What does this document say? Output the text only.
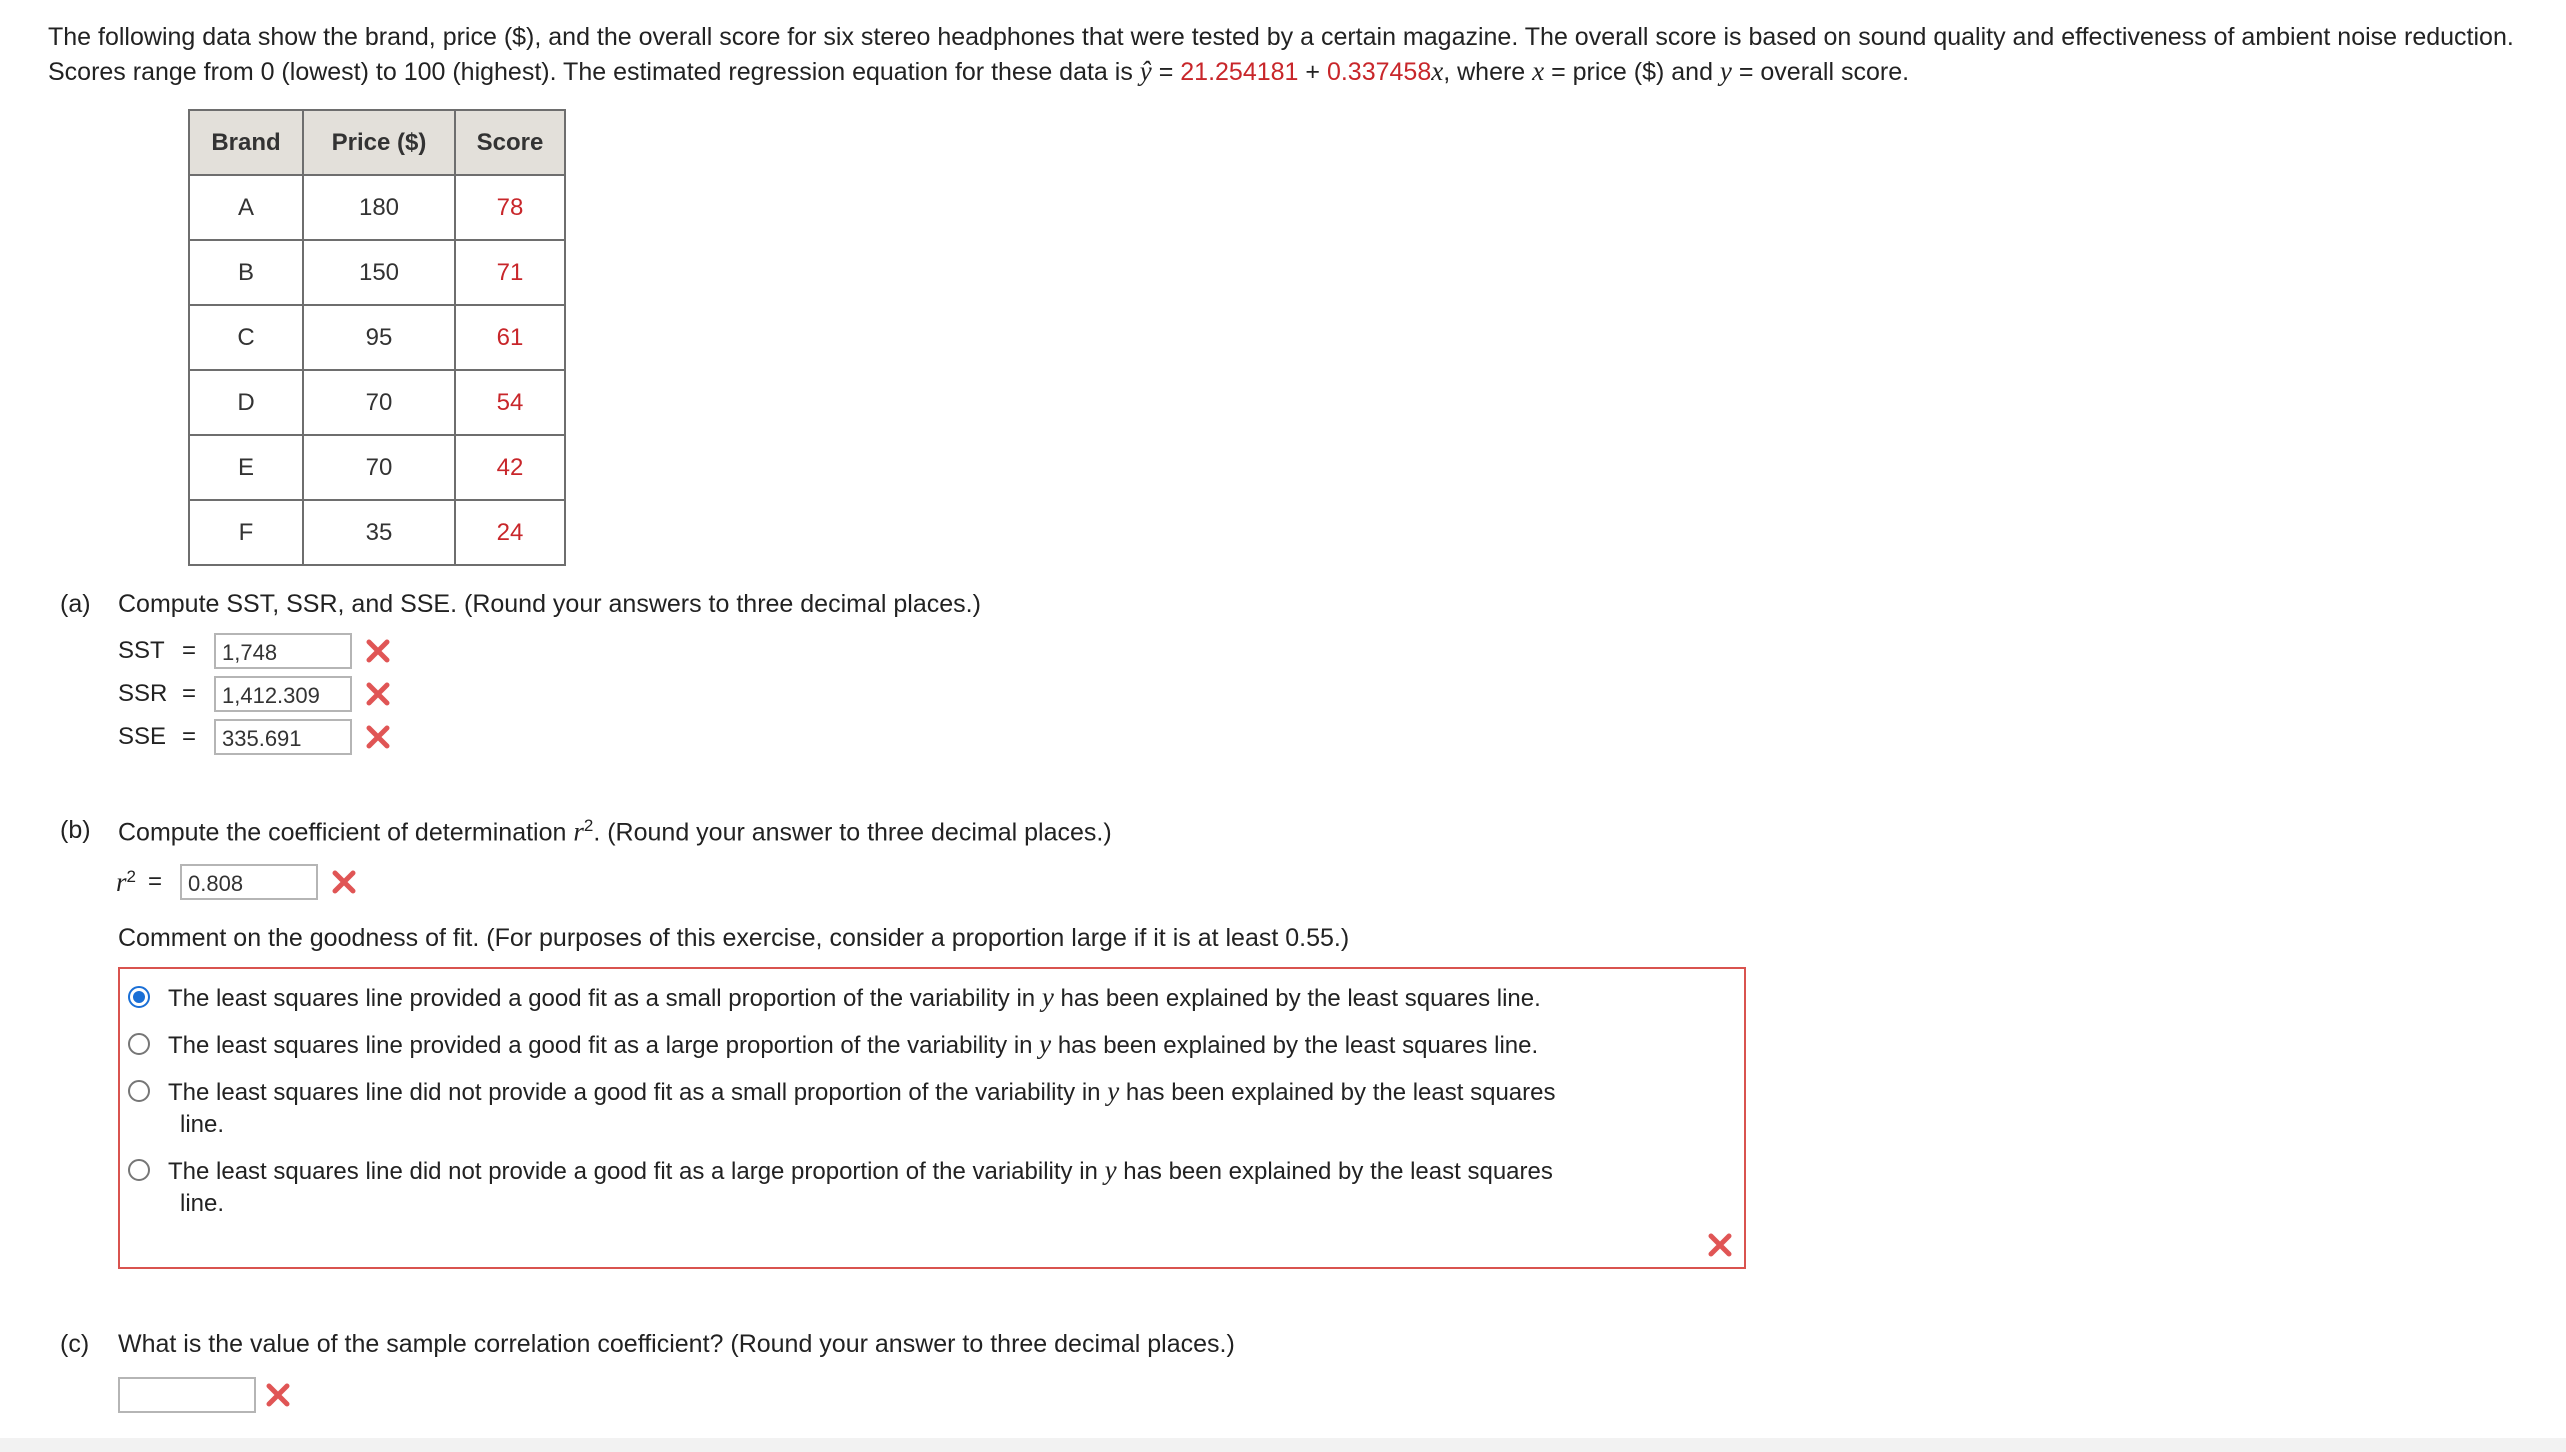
The following data show the brand, price ($), and the overall score for six stereo headphones that were tested by a certain magazine. The overall score is based on sound quality and effectiveness of ambient noise reduction. Scores range from 0 (lowest) to 100 (highest). The estimated regression equation for these data is ŷ = 21.254181 + 0.337458x, where x = price ($) and y = overall score.
Brand	Price ($)	Score
A	180	78
B	150	71
C	95	61
D	70	54
E	70	42
F	35	24
(a) Compute SST, SSR, and SSE. (Round your answers to three decimal places.)
SST =	1,748
SSR =	1,412.309
SSE =	335.691
(b) Compute the coefficient of determination $r^2$. (Round your answer to three decimal places.)
$r^2$ =	0.808
Comment on the goodness of fit. (For purposes of this exercise, consider a proportion large if it is at least 0.55.)
The least squares line provided a good fit as a small proportion of the variability in y has been explained by the least squares line.
The least squares line provided a good fit as a large proportion of the variability in y has been explained by the least squares line.
The least squares line did not provide a good fit as a small proportion of the variability in y has been explained by the least squares
line.
The least squares line did not provide a good fit as a large proportion of the variability in y has been explained by the least squares
line.
(c) What is the value of the sample correlation coefficient? (Round your answer to three decimal places.)
